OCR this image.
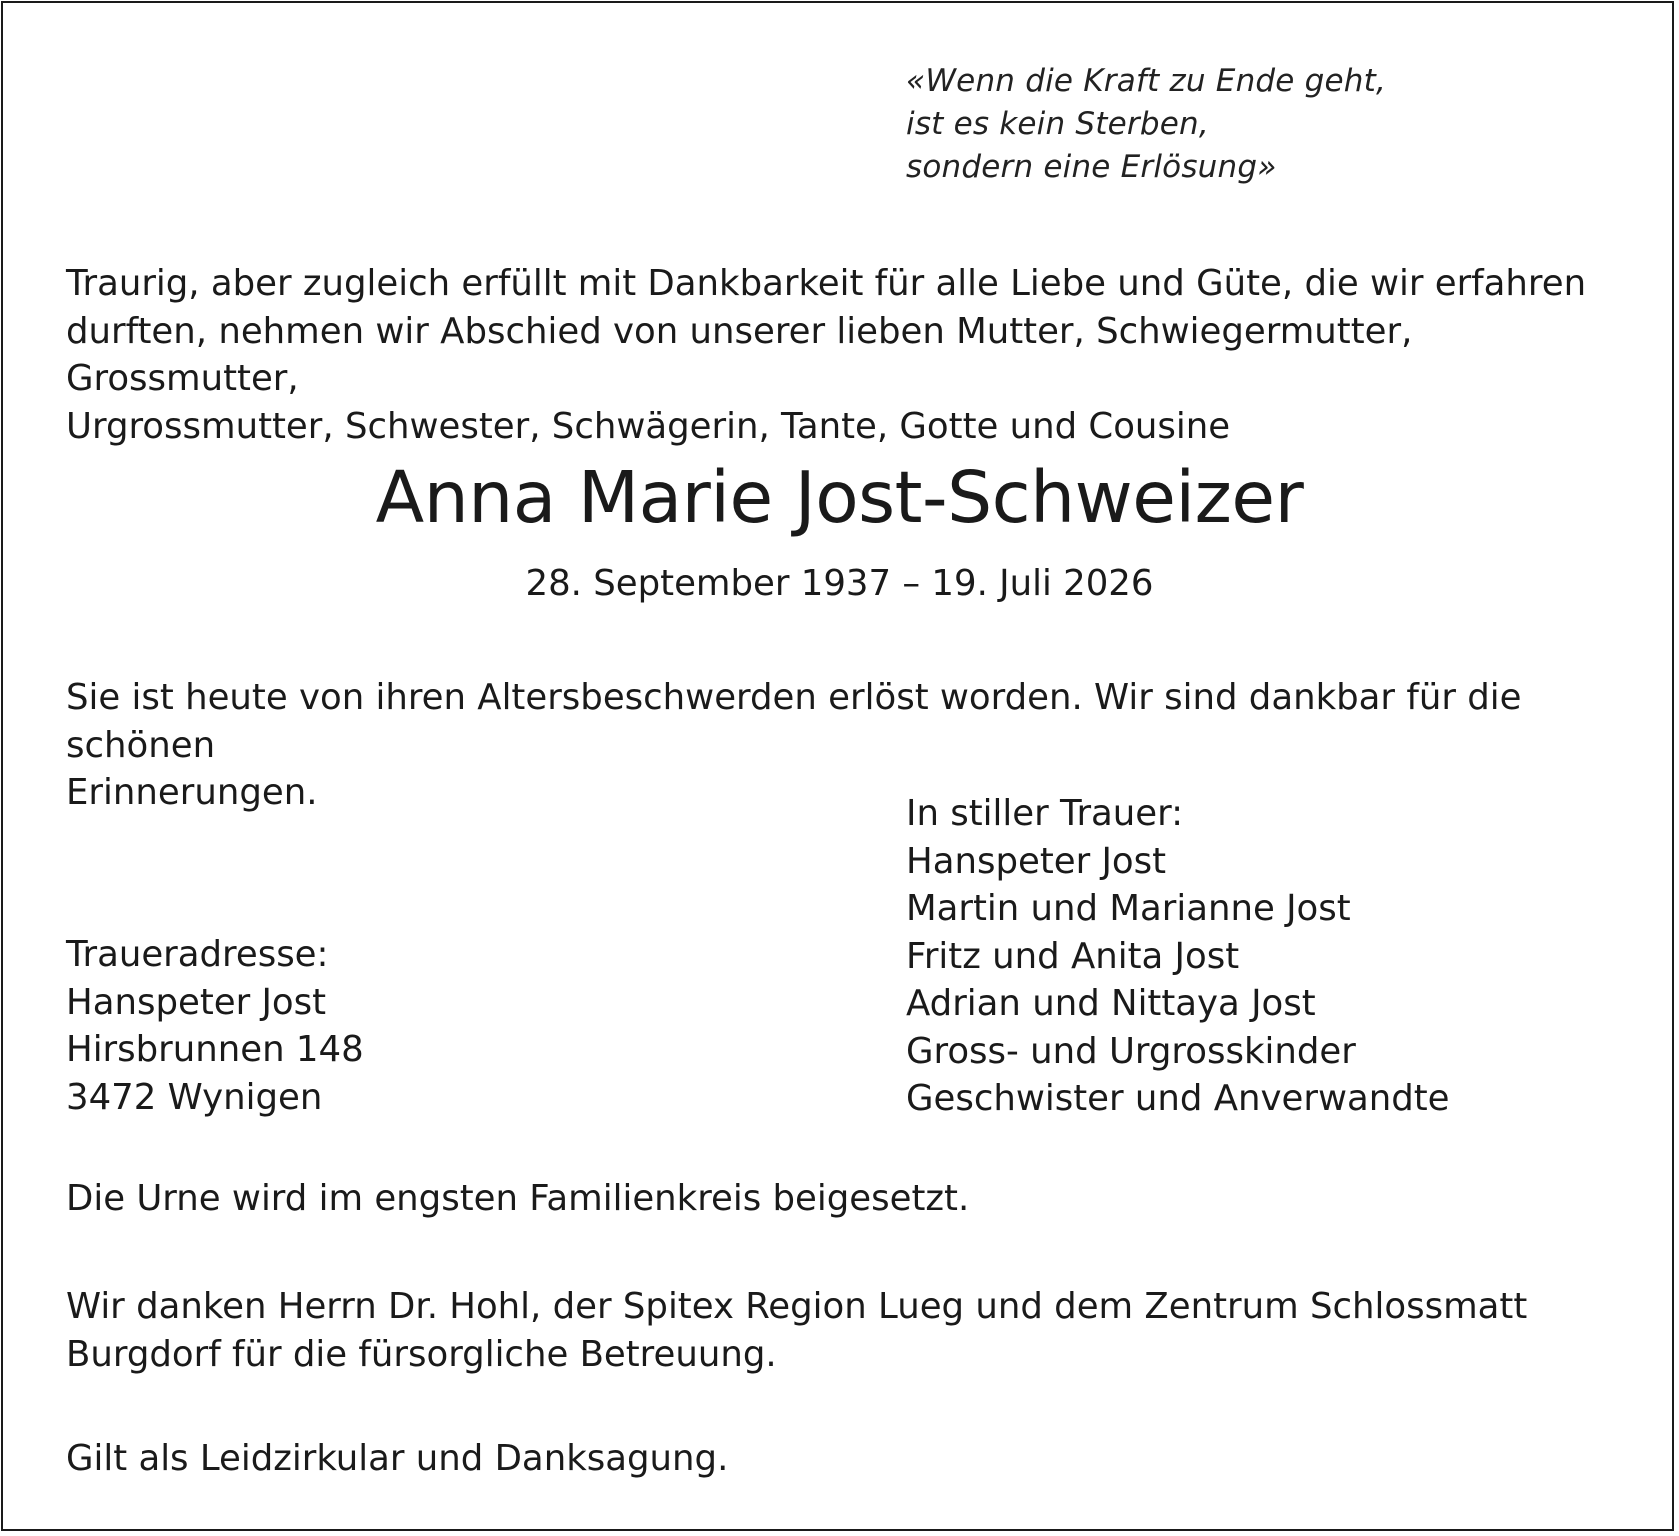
«Wenn die Kraft zu Ende geht,
ist es kein Sterben,
sondern eine Erlösung»

Traurig, aber zugleich erfüllt mit Dankbarkeit für alle Liebe und Güte, die wir erfahren
durften, nehmen wir Abschied von unserer lieben Mutter, Schwiegermutter, Grossmutter,
Urgrossmutter, Schwester, Schwägerin, Tante, Gotte und Cousine

Anna Marie Jost-Schweizer

28. September 1937 – 19. Juli 2026

Sie ist heute von ihren Altersbeschwerden erlöst worden. Wir sind dankbar für die schönen
Erinnerungen.

In stiller Trauer:
Hanspeter Jost
Martin und Marianne Jost
Fritz und Anita Jost
Adrian und Nittaya Jost
Gross- und Urgrosskinder
Geschwister und Anverwandte

Traueradresse:
Hanspeter Jost
Hirsbrunnen 148
3472 Wynigen

Die Urne wird im engsten Familienkreis beigesetzt.

Wir danken Herrn Dr. Hohl, der Spitex Region Lueg und dem Zentrum Schlossmatt
Burgdorf für die fürsorgliche Betreuung.

Gilt als Leidzirkular und Danksagung.
